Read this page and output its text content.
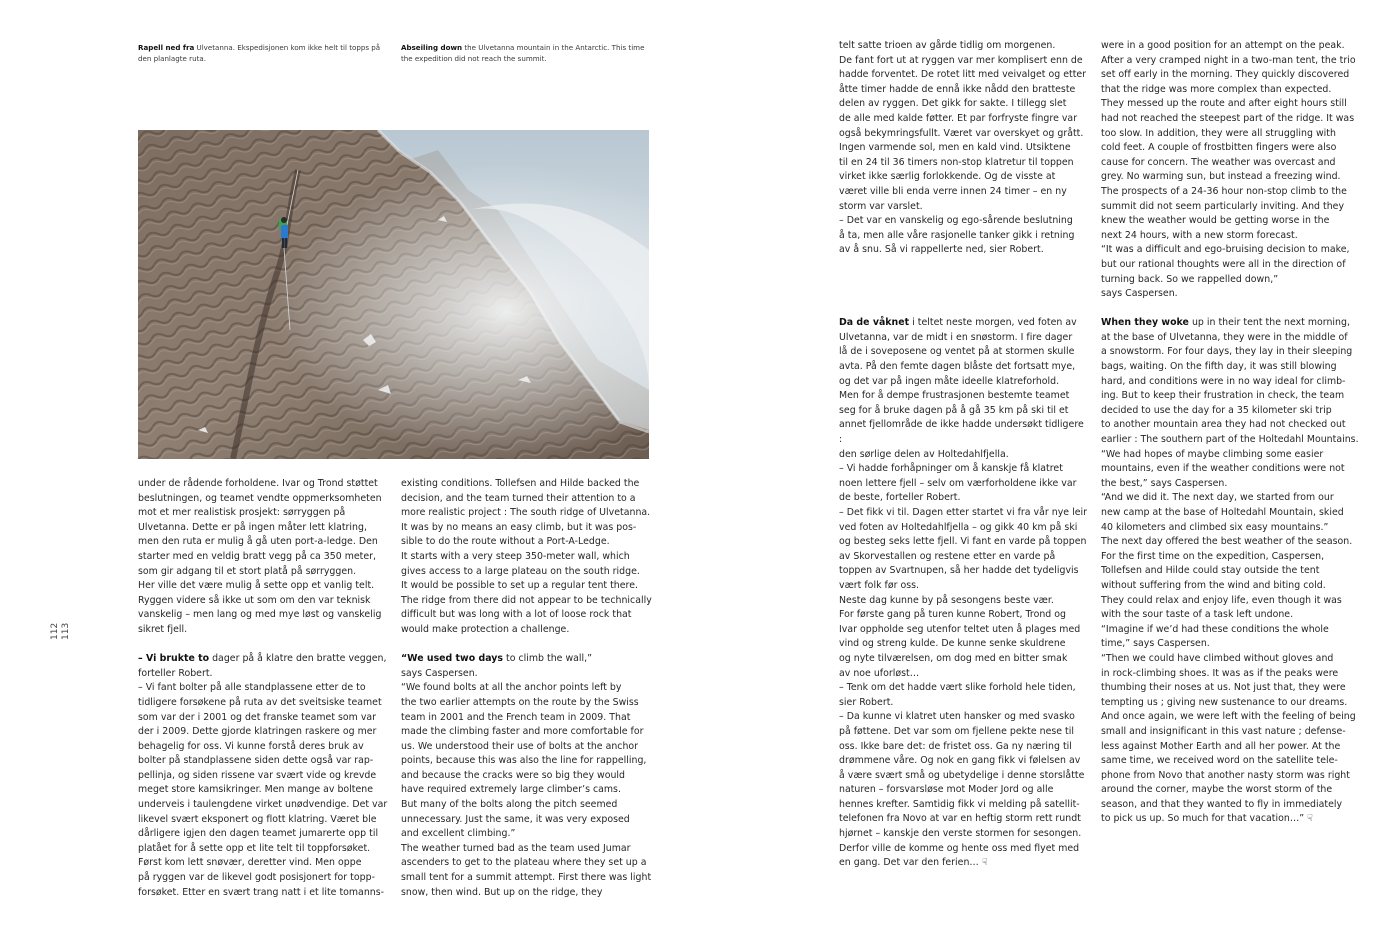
Rapell ned fra Ulvetanna. Ekspedisjonen kom ikke helt til topps på
den planlagte ruta.
Abseiling down the Ulvetanna mountain in the Antarctic. This time
the expedition did not reach the summit.
112 113

under de rådende forholdene. Ivar og Trond støttet
beslutningen, og teamet vendte oppmerksomheten
mot et mer realistisk prosjekt: sørryggen på
Ulvetanna. Dette er på ingen måter lett klatring,
men den ruta er mulig å gå uten port-a-ledge. Den
starter med en veldig bratt vegg på ca 350 meter,
som gir adgang til et stort platå på sørryggen.
Her ville det være mulig å sette opp et vanlig telt.
Ryggen videre så ikke ut som om den var teknisk
vanskelig – men lang og med mye løst og vanskelig
sikret fjell.

– Vi brukte to dager på å klatre den bratte veggen,
forteller Robert.
– Vi fant bolter på alle standplassene etter de to
tidligere forsøkene på ruta av det sveitsiske teamet
som var der i 2001 og det franske teamet som var
der i 2009. Dette gjorde klatringen raskere og mer
behagelig for oss. Vi kunne forstå deres bruk av
bolter på standplassene siden dette også var rap-
pellinja, og siden rissene var svært vide og krevde
meget store kamsikringer. Men mange av boltene
underveis i taulengdene virket unødvendige. Det var
likevel svært eksponert og flott klatring. Været ble
dårligere igjen den dagen teamet jumarerte opp til
platået for å sette opp et lite telt til toppforsøket.
Først kom lett snøvær, deretter vind. Men oppe
på ryggen var de likevel godt posisjonert for topp-
forsøket. Etter en svært trang natt i et lite tomanns-

existing conditions. Tollefsen and Hilde backed the
decision, and the team turned their attention to a
more realistic project : The south ridge of Ulvetanna.
It was by no means an easy climb, but it was pos-
sible to do the route without a Port-A-Ledge.
It starts with a very steep 350-meter wall, which
gives access to a large plateau on the south ridge.
It would be possible to set up a regular tent there.
The ridge from there did not appear to be technically
difficult but was long with a lot of loose rock that
would make protection a challenge.

“We used two days to climb the wall,”
says Caspersen.
“We found bolts at all the anchor points left by
the two earlier attempts on the route by the Swiss
team in 2001 and the French team in 2009. That
made the climbing faster and more comfortable for
us. We understood their use of bolts at the anchor
points, because this was also the line for rappelling,
and because the cracks were so big they would
have required extremely large climber’s cams.
But many of the bolts along the pitch seemed
unnecessary. Just the same, it was very exposed
and excellent climbing.”
The weather turned bad as the team used Jumar
ascenders to get to the plateau where they set up a
small tent for a summit attempt. First there was light
snow, then wind. But up on the ridge, they

telt satte trioen av gårde tidlig om morgenen.
De fant fort ut at ryggen var mer komplisert enn de
hadde forventet. De rotet litt med veivalget og etter
åtte timer hadde de ennå ikke nådd den bratteste
delen av ryggen. Det gikk for sakte. I tillegg slet
de alle med kalde føtter. Et par forfryste fingre var
også bekymringsfullt. Været var overskyet og grått.
Ingen varmende sol, men en kald vind. Utsiktene
til en 24 til 36 timers non-stop klatretur til toppen
virket ikke særlig forlokkende. Og de visste at
været ville bli enda verre innen 24 timer – en ny
storm var varslet.
– Det var en vanskelig og ego-sårende beslutning
å ta, men alle våre rasjonelle tanker gikk i retning
av å snu. Så vi rappellerte ned, sier Robert.

Da de våknet i teltet neste morgen, ved foten av
Ulvetanna, var de midt i en snøstorm. I fire dager
lå de i soveposene og ventet på at stormen skulle
avta. På den femte dagen blåste det fortsatt mye,
og det var på ingen måte ideelle klatreforhold.
Men for å dempe frustrasjonen bestemte teamet
seg for å bruke dagen på å gå 35 km på ski til et
annet fjellområde de ikke hadde undersøkt tidligere :
den sørlige delen av Holtedahlfjella.
– Vi hadde forhåpninger om å kanskje få klatret
noen lettere fjell – selv om værforholdene ikke var
de beste, forteller Robert.
– Det fikk vi til. Dagen etter startet vi fra vår nye leir
ved foten av Holtedahlfjella – og gikk 40 km på ski
og besteg seks lette fjell. Vi fant en varde på toppen
av Skorvestallen og restene etter en varde på
toppen av Svartnupen, så her hadde det tydeligvis
vært folk før oss.
Neste dag kunne by på sesongens beste vær.
For første gang på turen kunne Robert, Trond og
Ivar oppholde seg utenfor teltet uten å plages med
vind og streng kulde. De kunne senke skuldrene
og nyte tilværelsen, om dog med en bitter smak
av noe uforløst…
– Tenk om det hadde vært slike forhold hele tiden,
sier Robert.
– Da kunne vi klatret uten hansker og med svasko
på føttene. Det var som om fjellene pekte nese til
oss. Ikke bare det: de fristet oss. Ga ny næring til
drømmene våre. Og nok en gang fikk vi følelsen av
å være svært små og ubetydelige i denne storslåtte
naturen – forsvarsløse mot Moder Jord og alle
hennes krefter. Samtidig fikk vi melding på satellit-
telefonen fra Novo at var en heftig storm rett rundt
hjørnet – kanskje den verste stormen for sesongen.
Derfor ville de komme og hente oss med flyet med
en gang. Det var den ferien… ☟

were in a good position for an attempt on the peak.
After a very cramped night in a two-man tent, the trio
set off early in the morning. They quickly discovered
that the ridge was more complex than expected.
They messed up the route and after eight hours still
had not reached the steepest part of the ridge. It was
too slow. In addition, they were all struggling with
cold feet. A couple of frostbitten fingers were also
cause for concern. The weather was overcast and
grey. No warming sun, but instead a freezing wind.
The prospects of a 24-36 hour non-stop climb to the
summit did not seem particularly inviting. And they
knew the weather would be getting worse in the
next 24 hours, with a new storm forecast.
“It was a difficult and ego-bruising decision to make,
but our rational thoughts were all in the direction of
turning back. So we rappelled down,”
says Caspersen.

When they woke up in their tent the next morning,
at the base of Ulvetanna, they were in the middle of
a snowstorm. For four days, they lay in their sleeping
bags, waiting. On the fifth day, it was still blowing
hard, and conditions were in no way ideal for climb-
ing. But to keep their frustration in check, the team
decided to use the day for a 35 kilometer ski trip
to another mountain area they had not checked out
earlier : The southern part of the Holtedahl Mountains.
“We had hopes of maybe climbing some easier
mountains, even if the weather conditions were not
the best,” says Caspersen.
“And we did it. The next day, we started from our
new camp at the base of Holtedahl Mountain, skied
40 kilometers and climbed six easy mountains.”
The next day offered the best weather of the season.
For the first time on the expedition, Caspersen,
Tollefsen and Hilde could stay outside the tent
without suffering from the wind and biting cold.
They could relax and enjoy life, even though it was
with the sour taste of a task left undone.
“Imagine if we’d had these conditions the whole
time,” says Caspersen.
“Then we could have climbed without gloves and
in rock-climbing shoes. It was as if the peaks were
thumbing their noses at us. Not just that, they were
tempting us ; giving new sustenance to our dreams.
And once again, we were left with the feeling of being
small and insignificant in this vast nature ; defense-
less against Mother Earth and all her power. At the
same time, we received word on the satellite tele-
phone from Novo that another nasty storm was right
around the corner, maybe the worst storm of the
season, and that they wanted to fly in immediately
to pick us up. So much for that vacation…” ☟
